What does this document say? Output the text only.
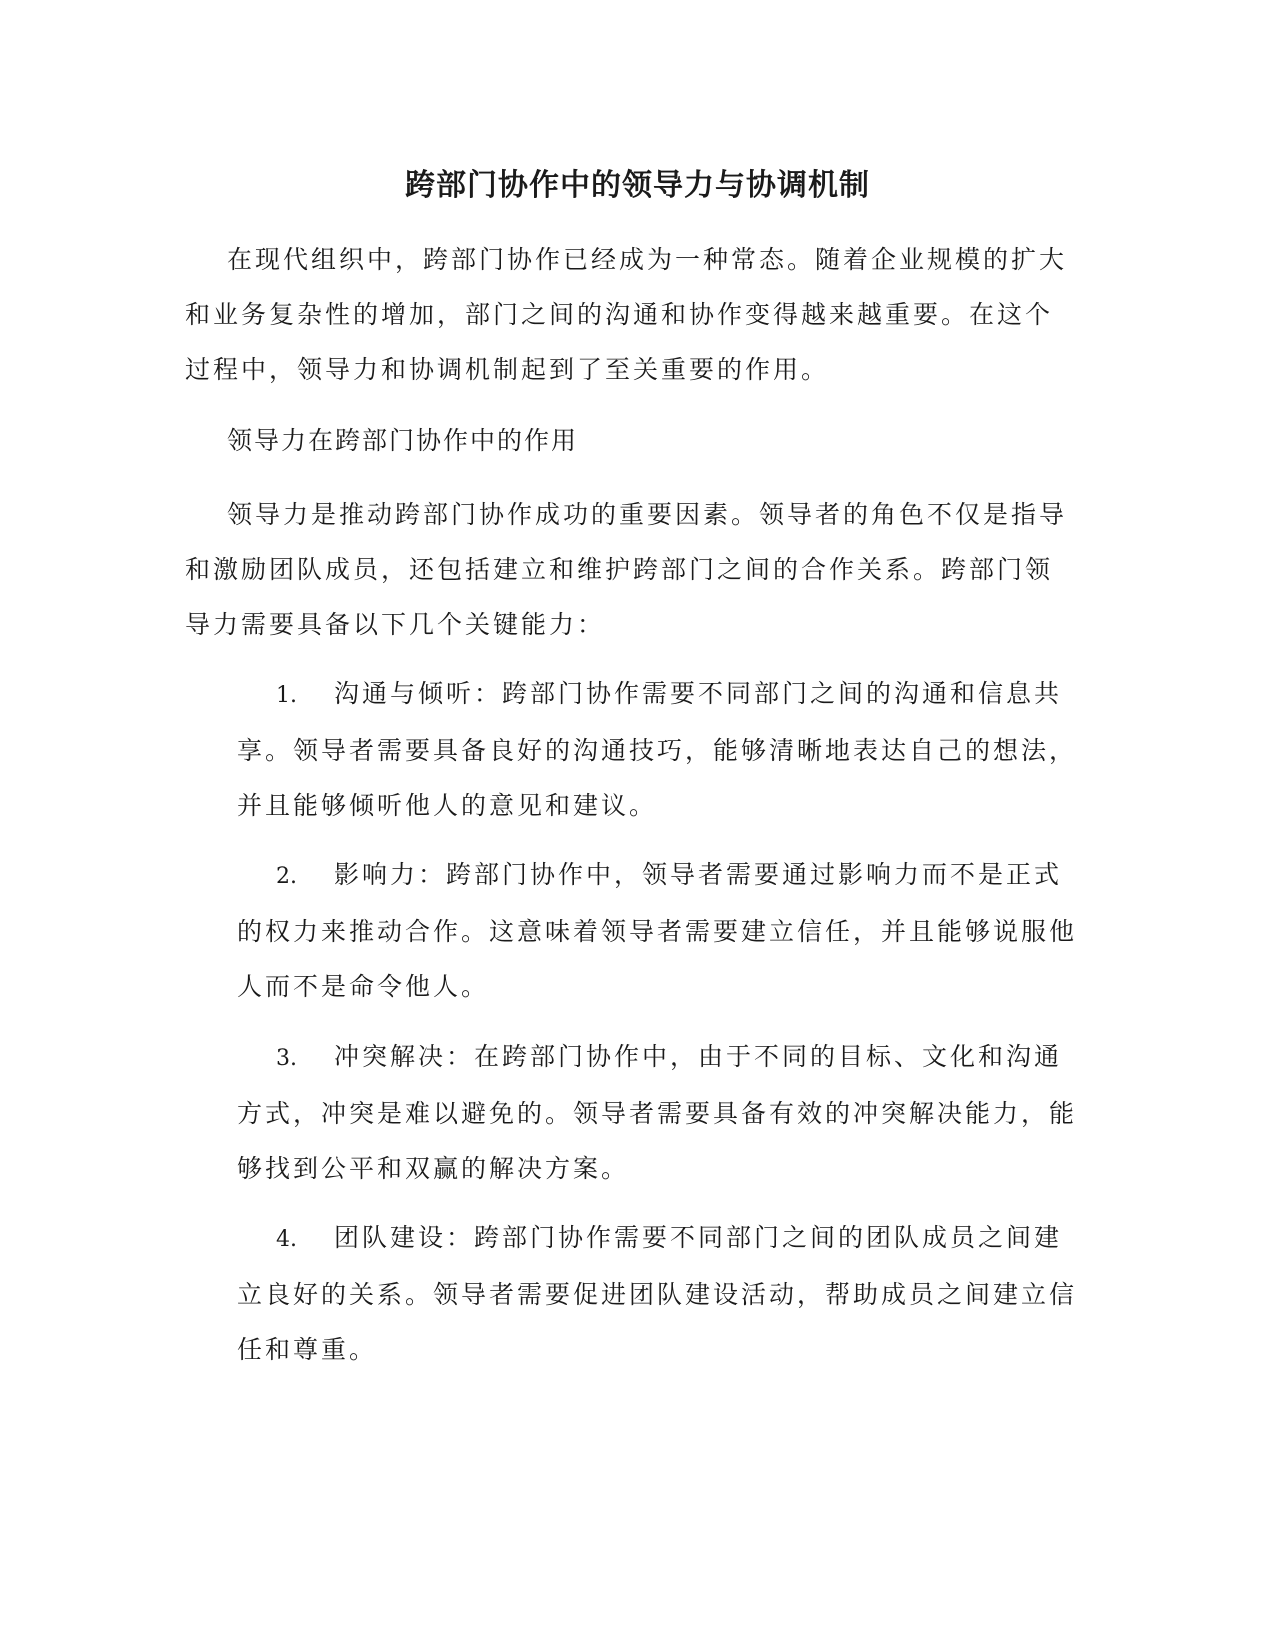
跨部门协作中的领导力与协调机制

在现代组织中，跨部门协作已经成为一种常态。随着企业规模的扩大和业务复杂性的增加，部门之间的沟通和协作变得越来越重要。在这个过程中，领导力和协调机制起到了至关重要的作用。

领导力在跨部门协作中的作用

领导力是推动跨部门协作成功的重要因素。领导者的角色不仅是指导和激励团队成员，还包括建立和维护跨部门之间的合作关系。跨部门领导力需要具备以下几个关键能力：

1. 沟通与倾听：跨部门协作需要不同部门之间的沟通和信息共享。领导者需要具备良好的沟通技巧，能够清晰地表达自己的想法，并且能够倾听他人的意见和建议。
2. 影响力：跨部门协作中，领导者需要通过影响力而不是正式的权力来推动合作。这意味着领导者需要建立信任，并且能够说服他人而不是命令他人。
3. 冲突解决：在跨部门协作中，由于不同的目标、文化和沟通方式，冲突是难以避免的。领导者需要具备有效的冲突解决能力，能够找到公平和双赢的解决方案。
4. 团队建设：跨部门协作需要不同部门之间的团队成员之间建立良好的关系。领导者需要促进团队建设活动，帮助成员之间建立信任和尊重。
